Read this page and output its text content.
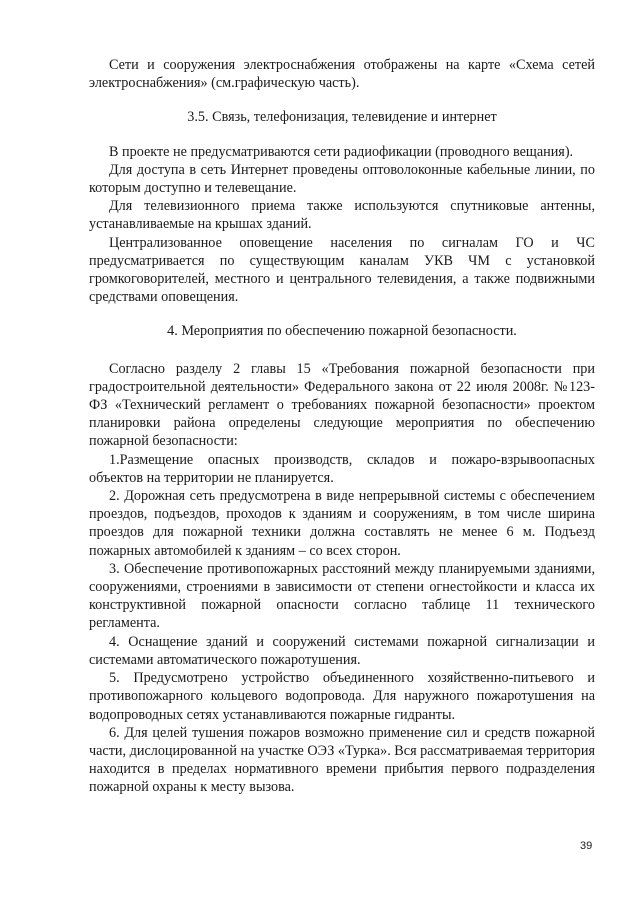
Сети и сооружения электроснабжения отображены на карте «Схема сетей электроснабжения» (см.графическую часть).

3.5. Связь, телефонизация, телевидение и интернет

В проекте не предусматриваются сети радиофикации (проводного вещания).

Для доступа в сеть Интернет проведены оптоволоконные кабельные линии, по которым доступно и телевещание.

Для телевизионного приема также используются спутниковые антенны, устанавливаемые на крышах зданий.

Централизованное оповещение населения по сигналам ГО и ЧС предусматривается по существующим каналам УКВ ЧМ с установкой громкоговорителей, местного и центрального телевидения, а также подвижными средствами оповещения.

4. Мероприятия по обеспечению пожарной безопасности.

Согласно разделу 2 главы 15 «Требования пожарной безопасности при градостроительной деятельности» Федерального закона от 22 июля 2008г. №123-ФЗ «Технический регламент о требованиях пожарной безопасности» проектом планировки района определены следующие мероприятия по обеспечению пожарной безопасности:

1.Размещение опасных производств, складов и пожаро-взрывоопасных объектов на территории не планируется.

2. Дорожная сеть предусмотрена в виде непрерывной системы с обеспечением проездов, подъездов, проходов к зданиям и сооружениям, в том числе ширина проездов для пожарной техники должна составлять не менее 6 м. Подъезд пожарных автомобилей к зданиям – со всех сторон.

3. Обеспечение противопожарных расстояний между планируемыми зданиями, сооружениями, строениями в зависимости от степени огнестойкости и класса их конструктивной пожарной опасности согласно таблице 11 технического регламента.

4. Оснащение зданий и сооружений системами пожарной сигнализации и системами автоматического пожаротушения.

5. Предусмотрено устройство объединенного хозяйственно-питьевого и противопожарного кольцевого водопровода. Для наружного пожаротушения на водопроводных сетях устанавливаются пожарные гидранты.

6. Для целей тушения пожаров возможно применение сил и средств пожарной части, дислоцированной на участке ОЭЗ «Турка». Вся рассматриваемая территория находится в пределах нормативного времени прибытия первого подразделения пожарной охраны к месту вызова.

39
